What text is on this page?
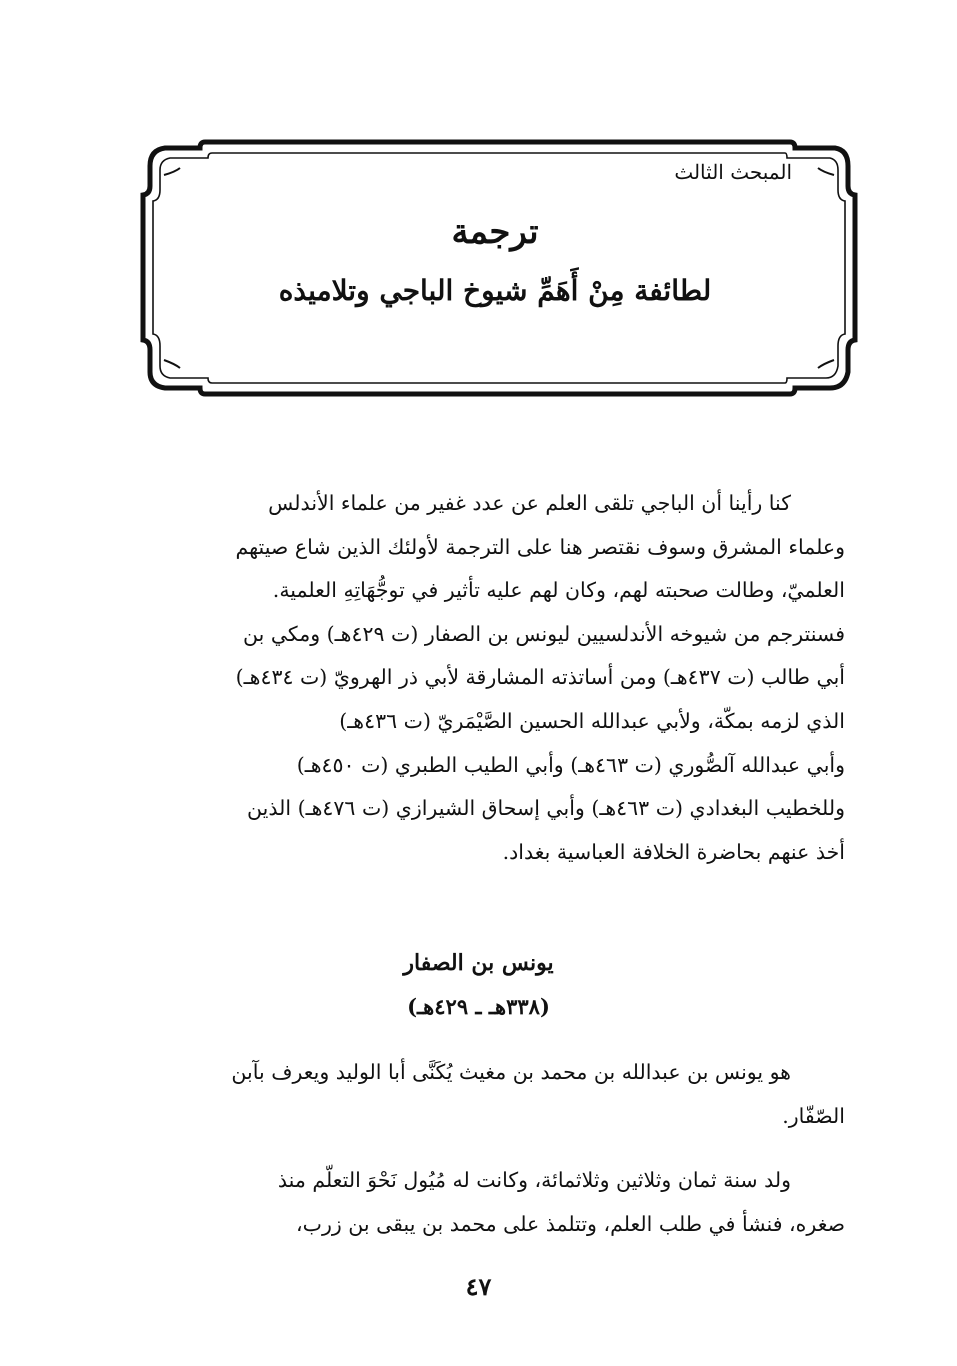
المبحث الثالث
ترجمة
لطائفة مِنْ أَهَمِّ شيوخ الباجي وتلاميذه
كنا رأينا أن الباجي تلقى العلم عن عدد غفير من علماء الأندلس
وعلماء المشرق وسوف نقتصر هنا على الترجمة لأولئك الذين شاع صيتهم
العلميّ، وطالت صحبته لهم، وكان لهم عليه تأثير في توجُّهَاتِهِ العلمية.
فسنترجم من شيوخه الأندلسيين ليونس بن الصفار (ت ٤٢٩هـ) ومكي بن
أبي طالب (ت ٤٣٧هـ) ومن أساتذته المشارقة لأبي ذر الهرويّ (ت ٤٣٤هـ)
الذي لزمه بمكّة، ولأبي عبدالله الحسين الصَّيْمَريّ (ت ٤٣٦هـ)
وأبي عبدالله آلصُّوري (ت ٤٦٣هـ) وأبي الطيب الطبري (ت ٤٥٠هـ)
وللخطيب البغدادي (ت ٤٦٣هـ) وأبي إسحاق الشيرازي (ت ٤٧٦هـ) الذين
أخذ عنهم بحاضرة الخلافة العباسية بغداد.
يونس بن الصفار
(٣٣٨هـ ـ ٤٢٩هـ)
هو يونس بن عبدالله بن محمد بن مغيث يُكَنَّى أبا الوليد ويعرف بآبن
الصّفّار.
ولد سنة ثمان وثلاثين وثلاثمائة، وكانت له مُيُول نَحْوَ التعلّم منذ
صغره، فنشأ في طلب العلم، وتتلمذ على محمد بن يبقى بن زرب،
٤٧
